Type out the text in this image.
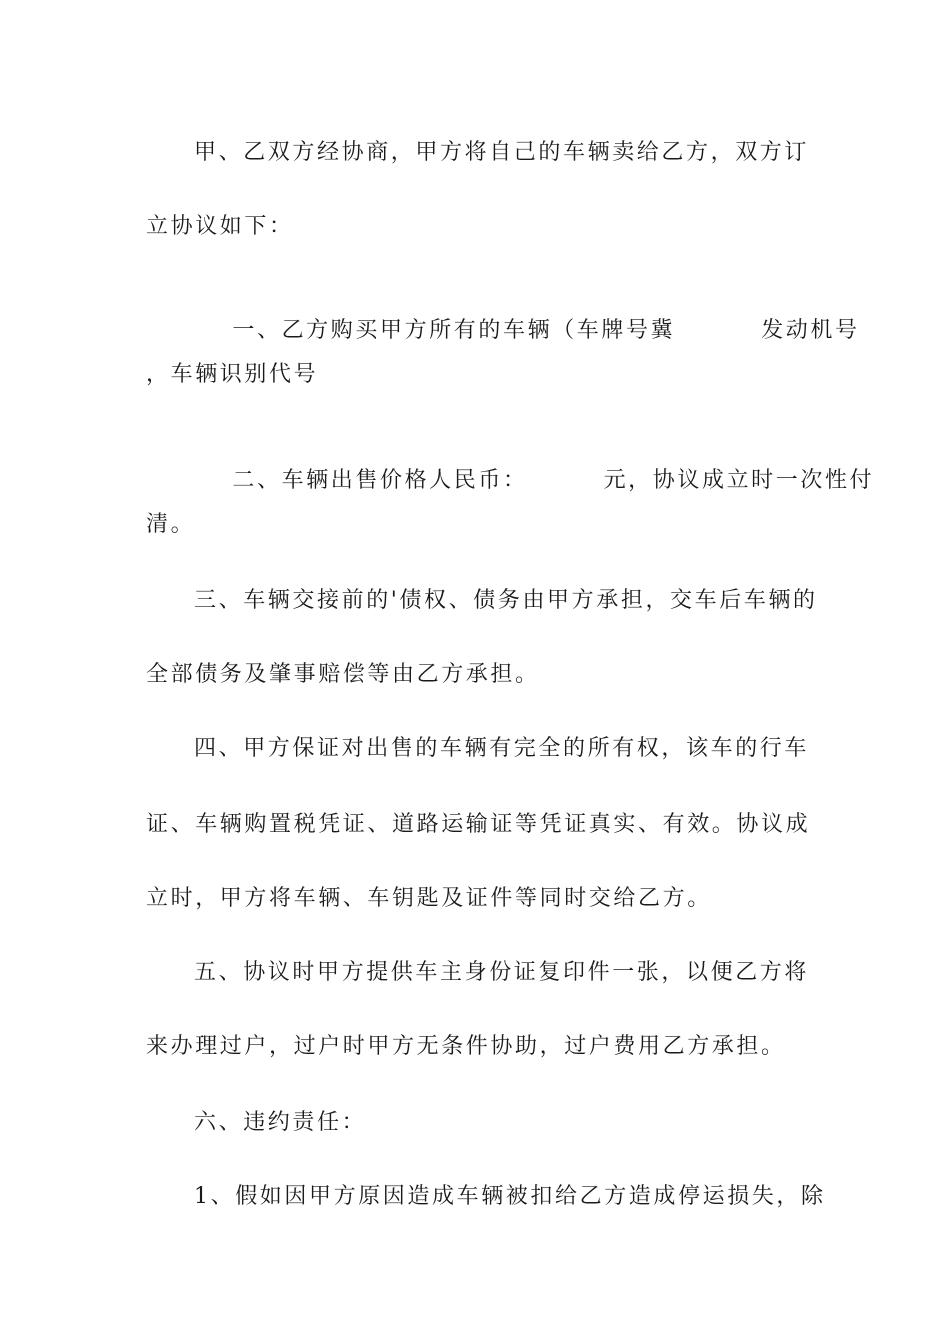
甲、乙双方经协商，甲方将自己的车辆卖给乙方，双方订
立协议如下：

一、乙方购买甲方所有的车辆（车牌号冀	发动机号

，车辆识别代号

二、车辆出售价格人民币：	元，协议成立时一次性付

清。
三、车辆交接前的'债权、债务由甲方承担，交车后车辆的
全部债务及肇事赔偿等由乙方承担。
四、甲方保证对出售的车辆有完全的所有权，该车的行车
证、车辆购置税凭证、道路运输证等凭证真实、有效。协议成
立时，甲方将车辆、车钥匙及证件等同时交给乙方。
五、协议时甲方提供车主身份证复印件一张，以便乙方将
来办理过户，过户时甲方无条件协助，过户费用乙方承担。
六、违约责任：
1、假如因甲方原因造成车辆被扣给乙方造成停运损失，除
